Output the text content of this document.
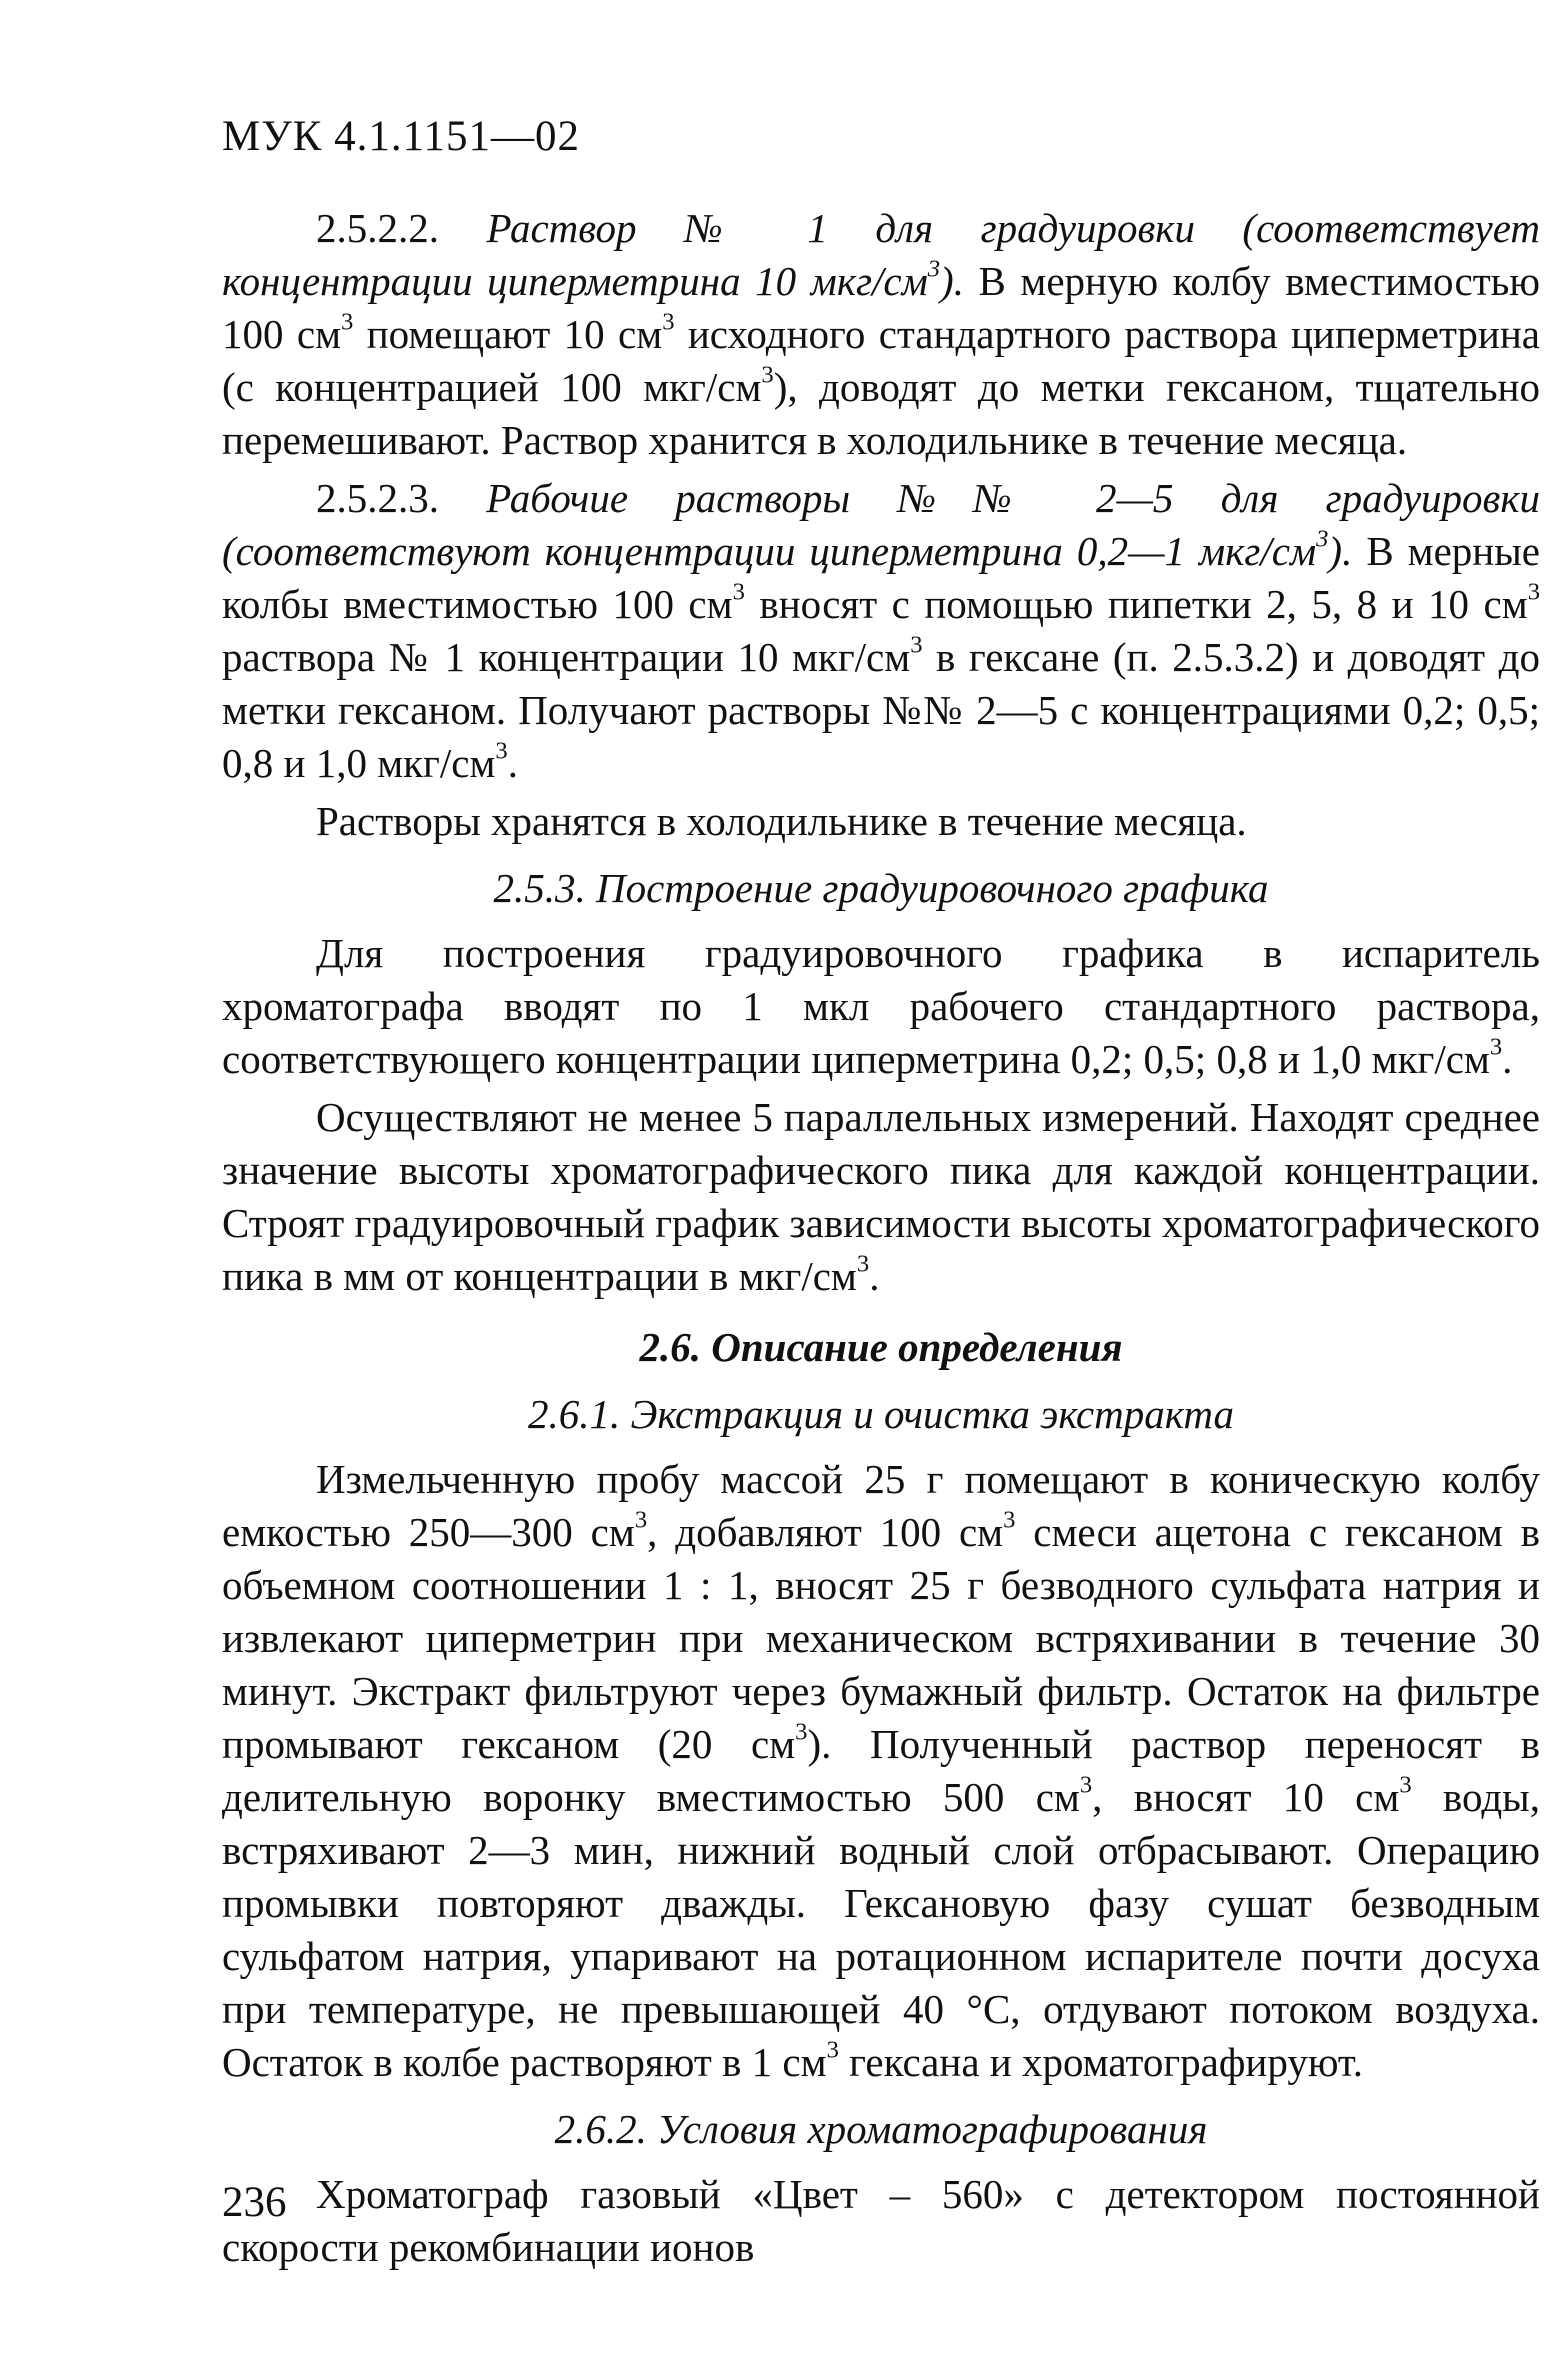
МУК 4.1.1151—02

2.5.2.2. Раствор № 1 для градуировки (соответствует концентрации циперметрина 10 мкг/$см^3$). В мерную колбу вместимостью 100 $см^3$ помещают 10 $см^3$ исходного стандартного раствора циперметрина (с концентрацией 100 мкг/$см^3$), доводят до метки гексаном, тщательно перемешивают. Раствор хранится в холодильнике в течение месяца.

2.5.2.3. Рабочие растворы №№ 2—5 для градуировки (соответствуют концентрации циперметрина 0,2—1 мкг/$см^3$). В мерные колбы вместимостью 100 $см^3$ вносят с помощью пипетки 2, 5, 8 и 10 $см^3$ раствора № 1 концентрации 10 мкг/$см^3$ в гексане (п. 2.5.3.2) и доводят до метки гексаном. Получают растворы №№ 2—5 с концентрациями 0,2; 0,5; 0,8 и 1,0 мкг/$см^3$.

Растворы хранятся в холодильнике в течение месяца.

2.5.3. Построение градуировочного графика

Для построения градуировочного графика в испаритель хроматографа вводят по 1 мкл рабочего стандартного раствора, соответствующего концентрации циперметрина 0,2; 0,5; 0,8 и 1,0 мкг/$см^3$.

Осуществляют не менее 5 параллельных измерений. Находят среднее значение высоты хроматографического пика для каждой концентрации. Строят градуировочный график зависимости высоты хроматографического пика в мм от концентрации в мкг/$см^3$.

2.6. Описание определения
2.6.1. Экстракция и очистка экстракта

Измельченную пробу массой 25 г помещают в коническую колбу емкостью 250—300 $см^3$, добавляют 100 $см^3$ смеси ацетона с гексаном в объемном соотношении 1 : 1, вносят 25 г безводного сульфата натрия и извлекают циперметрин при механическом встряхивании в течение 30 минут. Экстракт фильтруют через бумажный фильтр. Остаток на фильтре промывают гексаном (20 $см^3$). Полученный раствор переносят в делительную воронку вместимостью 500 $см^3$, вносят 10 $см^3$ воды, встряхивают 2—3 мин, нижний водный слой отбрасывают. Операцию промывки повторяют дважды. Гексановую фазу сушат безводным сульфатом натрия, упаривают на ротационном испарителе почти досуха при температуре, не превышающей 40 °С, отдувают потоком воздуха. Остаток в колбе растворяют в 1 $см^3$ гексана и хроматографируют.

2.6.2. Условия хроматографирования

Хроматограф газовый «Цвет – 560» с детектором постоянной скорости рекомбинации ионов

236
